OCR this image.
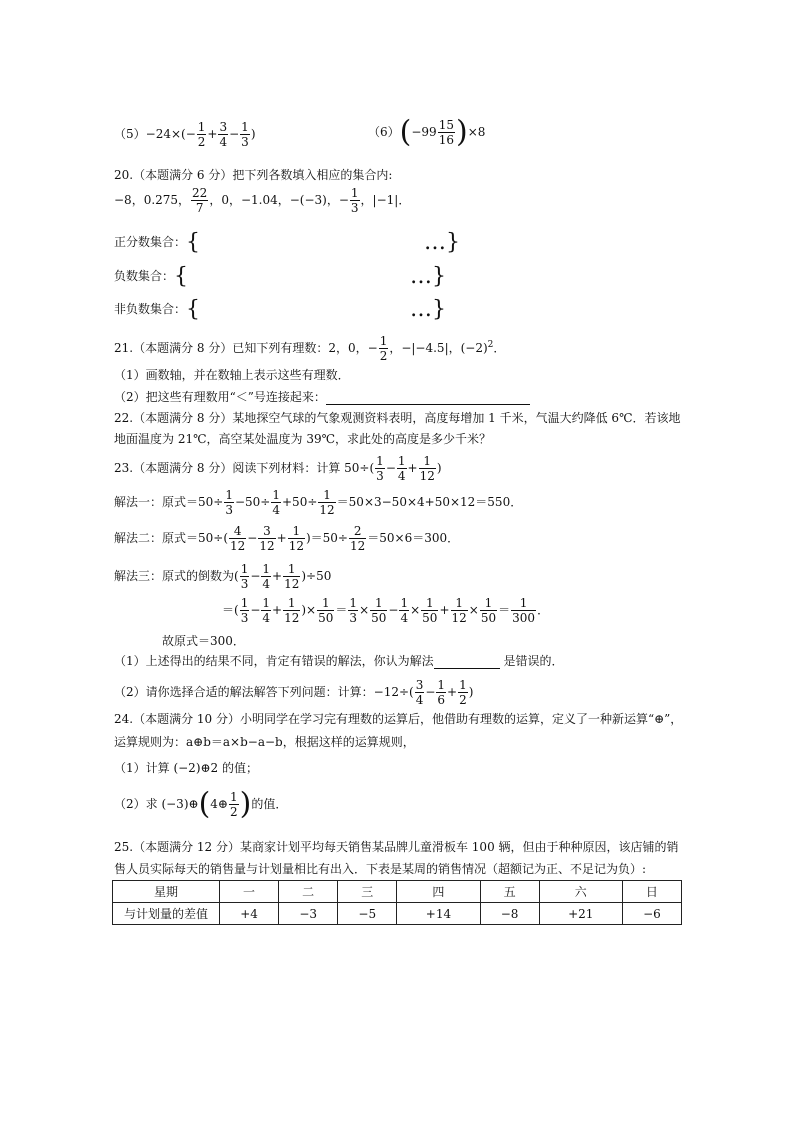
$(5)-24\times(- \frac{1}{2} + \frac{3}{4} - \frac{1}{3}$ )	$(6)(-99 \frac{15}{16} )\times 8$
20.（本题满分 6 分）把下列各数填入相应的集合内:
−8，0.275， $\frac{22}{7}$ ，0，−1.04，−(−3)，− $\frac{1}{3}$ ，|−1|．
正分数集合：{	…}
负数集合：{	…}
非负数集合：{	…}
21.（本题满分 8 分）已知下列有理数：2，0，− $\frac{1}{2}$ ，−|−4.5|，$(-2)^2$．
（1）画数轴，并在数轴上表示这些有理数．
（2）把这些有理数用“＜”号连接起来：
22.（本题满分 8 分）某地探空气球的气象观测资料表明，高度每增加 1 千米，气温大约降低 6℃．若该地
地面温度为 21℃，高空某处温度为 39℃，求此处的高度是多少千米？
23.（本题满分 8 分）阅读下列材料：计算 $50\div( \frac{1}{3} - \frac{1}{4} + \frac{1}{12}$ )
解法一：原式$=50\div \frac{1}{3} -50\div \frac{1}{4} +50\div \frac{1}{12} =50\times 3-50\times 4+50\times 12=550$．
解法二：原式$=50\div( \frac{4}{12} - \frac{3}{12} + \frac{1}{12} )=50\div \frac{2}{12} =50\times 6=300$．
解法三：原式的倒数为( $\frac{1}{3} - \frac{1}{4} + \frac{1}{12} )\div 50$
＝( $\frac{1}{3} - \frac{1}{4} + \frac{1}{12}$ )× $\frac{1}{50} = \frac{1}{3} \times \frac{1}{50} - \frac{1}{4} \times \frac{1}{50} + \frac{1}{12} \times \frac{1}{50} = \frac{1}{300}$ ．
故原式＝300．
（1）上述得出的结果不同，肯定有错误的解法，你认为解法	是错误的．
（2）请你选择合适的解法解答下列问题：计算：$-12\div( \frac{3}{4} - \frac{1}{6} + \frac{1}{2}$ )
24.（本题满分 10 分）小明同学在学习完有理数的运算后，他借助有理数的运算，定义了一种新运算“⊕”，
运算规则为：a⊕b＝a×b−a−b，根据这样的运算规则，
（1）计算 (−2)⊕2 的值；
（2）求 (−3)⊕(4⊕ $\frac{1}{2}$ )的值．
25.（本题满分 12 分）某商家计划平均每天销售某品牌儿童滑板车 100 辆，但由于种种原因，该店铺的销
售人员实际每天的销售量与计划量相比有出入．下表是某周的销售情况（超额记为正、不足记为负）:
星期	一	二	三	四	五	六	日
与计划量的差值	+4	−3	−5	+14	−8	+21	−6
